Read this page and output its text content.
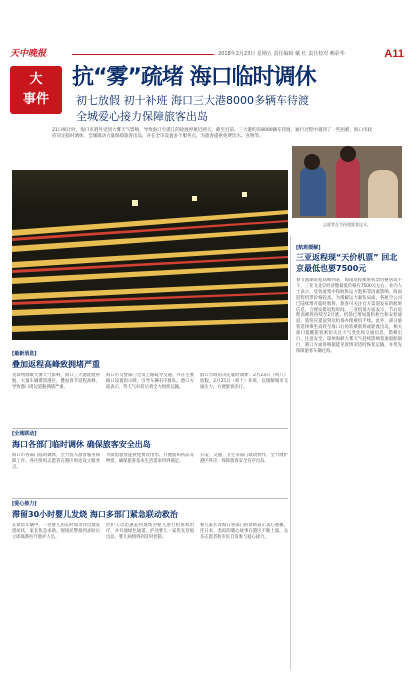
天中晚报	2018年2月23日 星期五 责任编辑 戴 红 责任校对 赖彩华	A11
大
事件
抗“雾”疏堵 海口临时调休
初七放假 初十补班 海口三大港8000多辆车待渡
全城爱心接力保障旅客出岛
21日统计时，海口市港外受到大雾天气影响，导致海口至湛江的轮渡停航近两天。截至目前，三大港约有8000辆车待渡，通行过程中遇到了一些困难。海口市政府决定临时调休，全城调动力量保障旅客出岛，并在全市设置多个服务点，为旅客提供免费饮水、食物等。
志愿者在为待渡旅客送水。
[航班缓解]
三亚返程现“天价机票” 回北京最低也要7500元
春节假期返程高峰到来，海南返程航班机票价格居高不下，三亚飞北京经济舱最低价格在7500元左右。业内人士表示，受客流集中和航班运力饱和等因素影响，海南返程机票价格较高。为缓解运力紧张局面，各航空公司已陆续增开临时航班，旅客可关注官方渠道发布的航班信息，合理安排返程时间。三亚机场方面表示，节后返程高峰将持续至2月底，机场已增加值机柜台和安检通道，旅客应提前到达机场办理乘机手续。此外，部分旅客选择乘坐高铁至海口后再转乘航班或轮渡出岛，相关部门提醒旅客密切关注天气变化和交通信息，错峰出行，注意安全。琼州海峡大雾天气持续影响客滚船舶航行，港口方面将根据能见度情况适时恢复运输，并优先保障旅客车辆过海。
[最新消息]
叠加返程高峰致拥堵严重
受琼州海峡大雾天气影响，海口三大港轮渡停航，大量车辆滞留港区，叠加春节返程高峰，导致港口周边道路拥堵严重。
海口市交警部门全员上路疏导交通，并在主要路口设置指示牌，引导车辆有序排队。港口方面表示，待天气好转后将全力组织运输。
海口市政府决定临时调休：2月23日（初八）放假，2月25日（初十）补班，以缓解城市交通压力，方便旅客出行。
[全城联动]
海口各部门临时调休 确保旅客安全出岛
海口市各部门临时调休，全力投入旅客服务保障工作。各区组织志愿者在港区周边设立服务点。
为滞留旅客提供免费饮用水、方便面和药品等物资，确保旅客基本生活需求得到满足。
公安、交通、卫生等部门联动协作，全力维护港区秩序，保障旅客安全有序出岛。
[爱心接力]
滞留30小时婴儿发烧 海口多部门紧急联动救治
在滞留车辆中，一名婴儿因长时间等待出现发烧症状，家长焦急求助。现场民警接到求助后立即联系医疗救护人员。
医护人员迅速赶到现场为婴儿进行检查和治疗，并开通绿色通道，护送婴儿一家优先登船出岛，婴儿病情得到及时控制。
婴儿家长对海口各部门的帮助表示衷心感谢。连日来，类似的暖心故事在港区不断上演，众多志愿者和市民自发参与爱心接力。
